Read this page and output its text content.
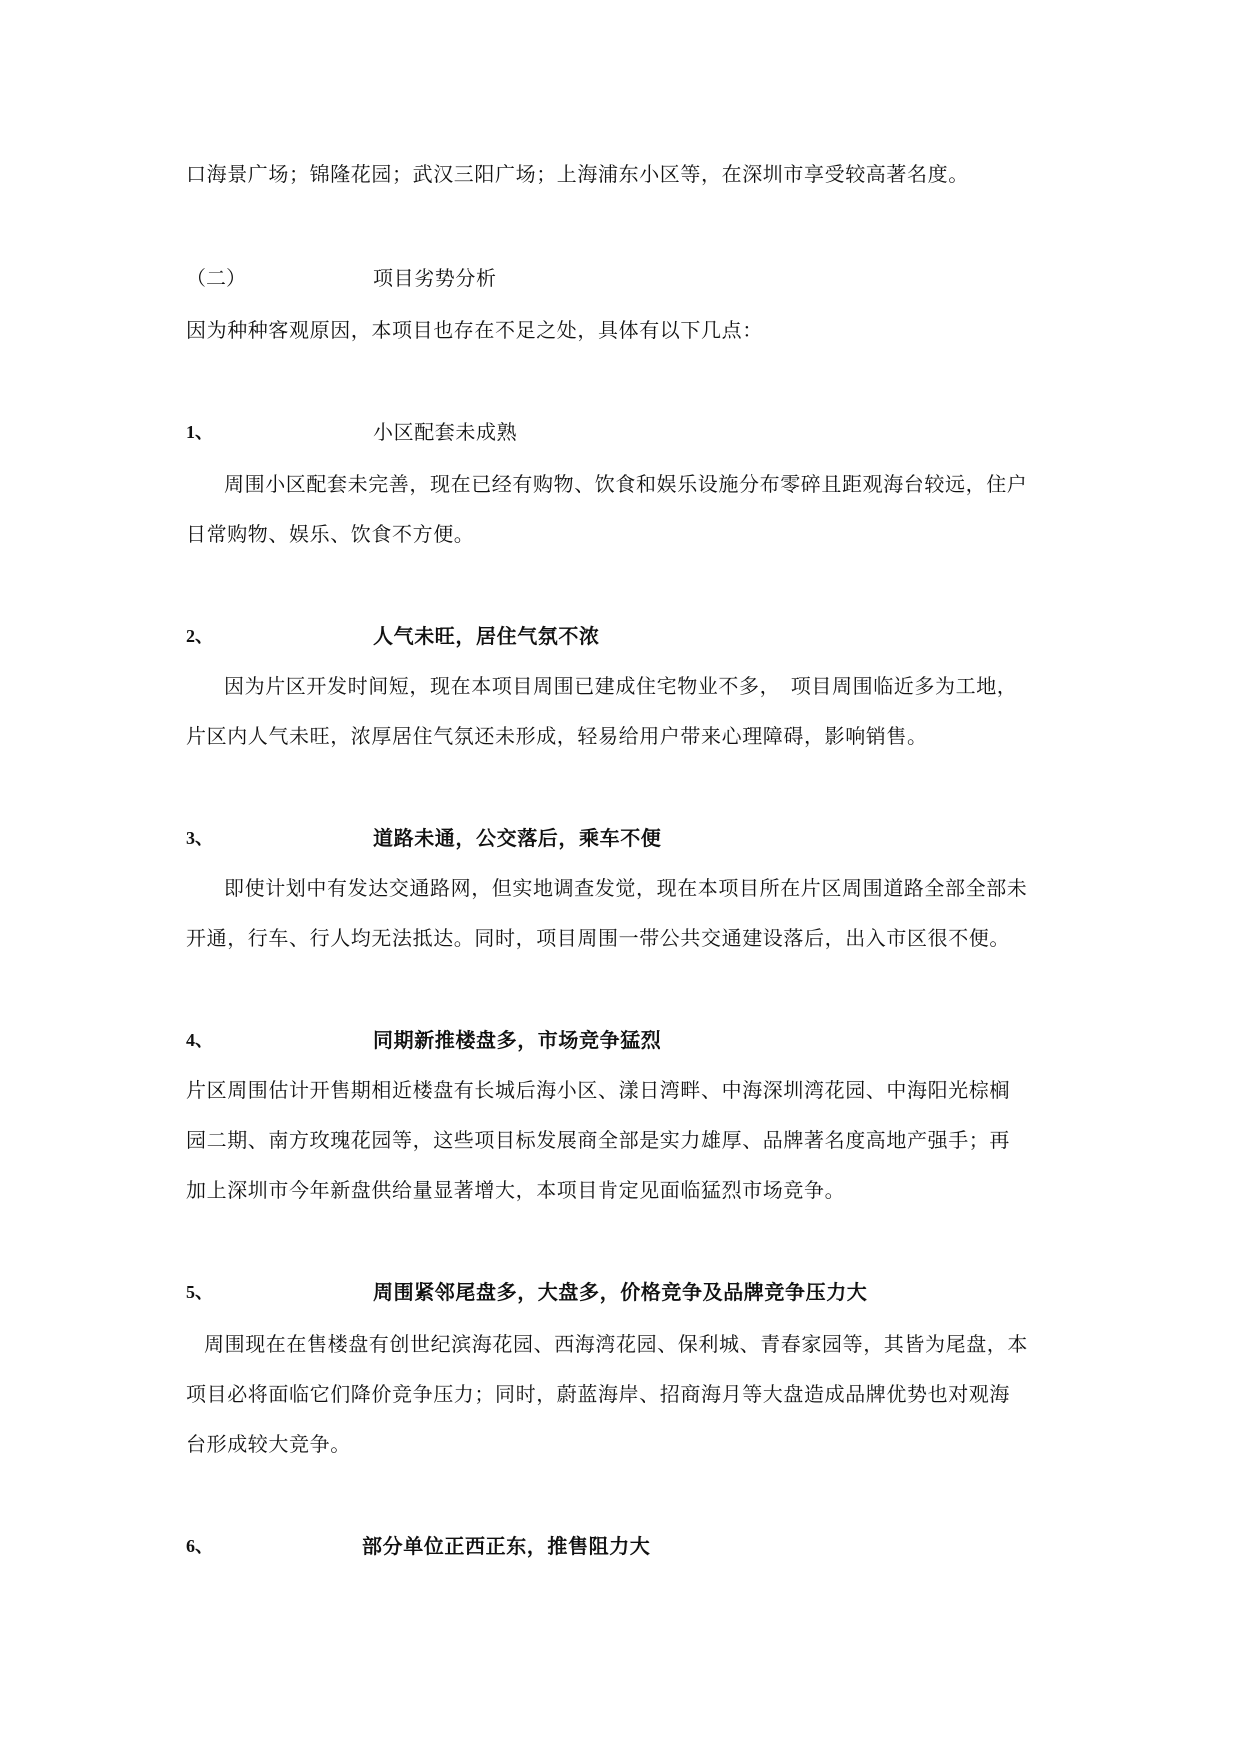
口海景广场；锦隆花园；武汉三阳广场；上海浦东小区等，在深圳市享受较高著名度。
（二）	项目劣势分析
因为种种客观原因，本项目也存在不足之处，具体有以下几点：
1、	小区配套未成熟
周围小区配套未完善，现在已经有购物、饮食和娱乐设施分布零碎且距观海台较远，住户
日常购物、娱乐、饮食不方便。
2、	人气未旺，居住气氛不浓
因为片区开发时间短，现在本项目周围已建成住宅物业不多，　项目周围临近多为工地，
片区内人气未旺，浓厚居住气氛还未形成，轻易给用户带来心理障碍，影响销售。
3、	道路未通，公交落后，乘车不便
即使计划中有发达交通路网，但实地调查发觉，现在本项目所在片区周围道路全部全部未
开通，行车、行人均无法抵达。同时，项目周围一带公共交通建设落后，出入市区很不便。
4、	同期新推楼盘多，市场竞争猛烈
片区周围估计开售期相近楼盘有长城后海小区、漾日湾畔、中海深圳湾花园、中海阳光棕榈
园二期、南方玫瑰花园等，这些项目标发展商全部是实力雄厚、品牌著名度高地产强手；再
加上深圳市今年新盘供给量显著增大，本项目肯定见面临猛烈市场竞争。
5、	周围紧邻尾盘多，大盘多，价格竞争及品牌竞争压力大
周围现在在售楼盘有创世纪滨海花园、西海湾花园、保利城、青春家园等，其皆为尾盘，本
项目必将面临它们降价竞争压力；同时，蔚蓝海岸、招商海月等大盘造成品牌优势也对观海
台形成较大竞争。
6、	部分单位正西正东，推售阻力大
